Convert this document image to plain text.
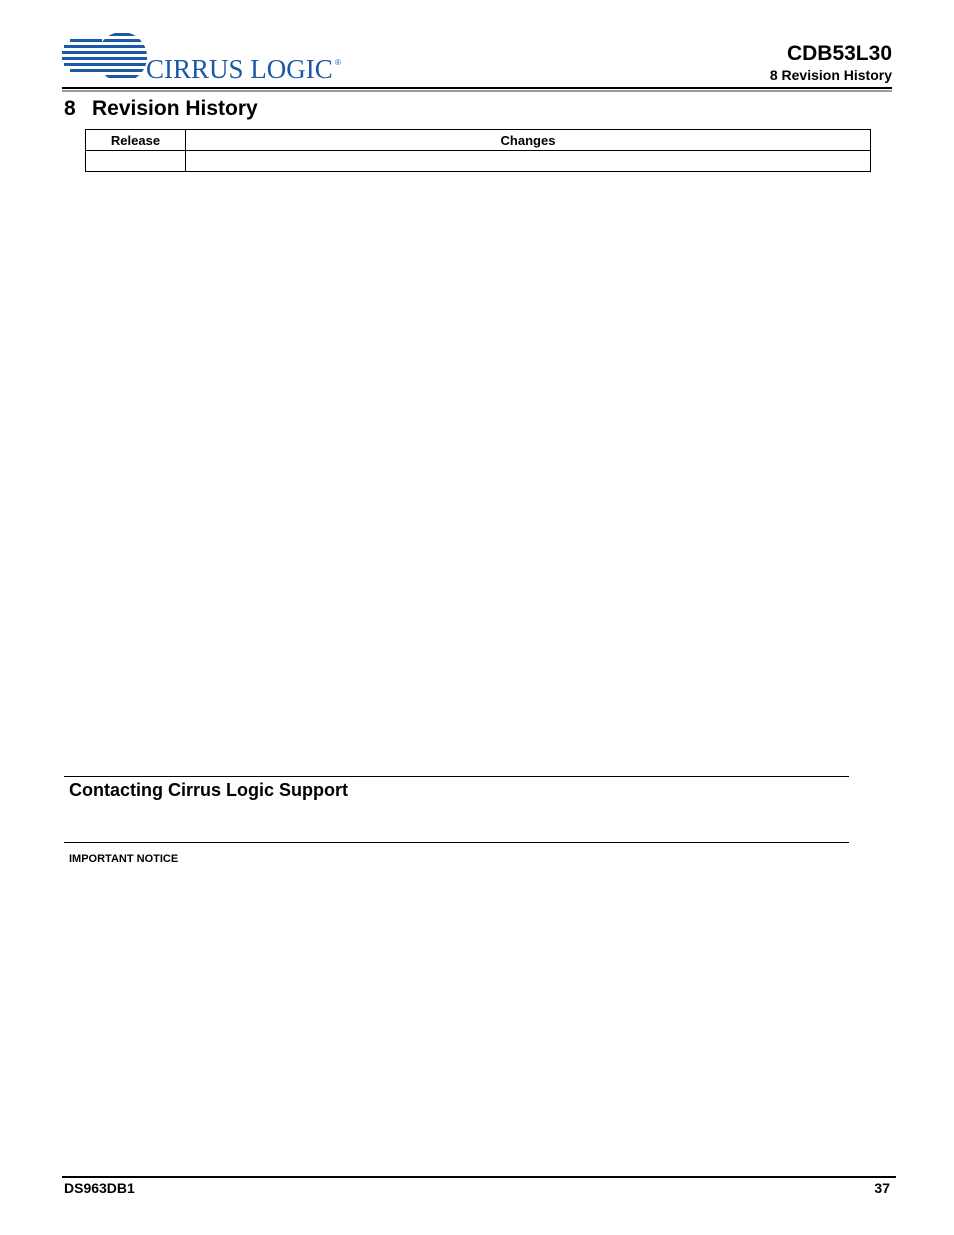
CIRRUS LOGIC ®	CDB53L30
8 Revision History
8 Revision History
Release	Changes

Contacting Cirrus Logic Support
IMPORTANT NOTICE
DS963DB1	37
